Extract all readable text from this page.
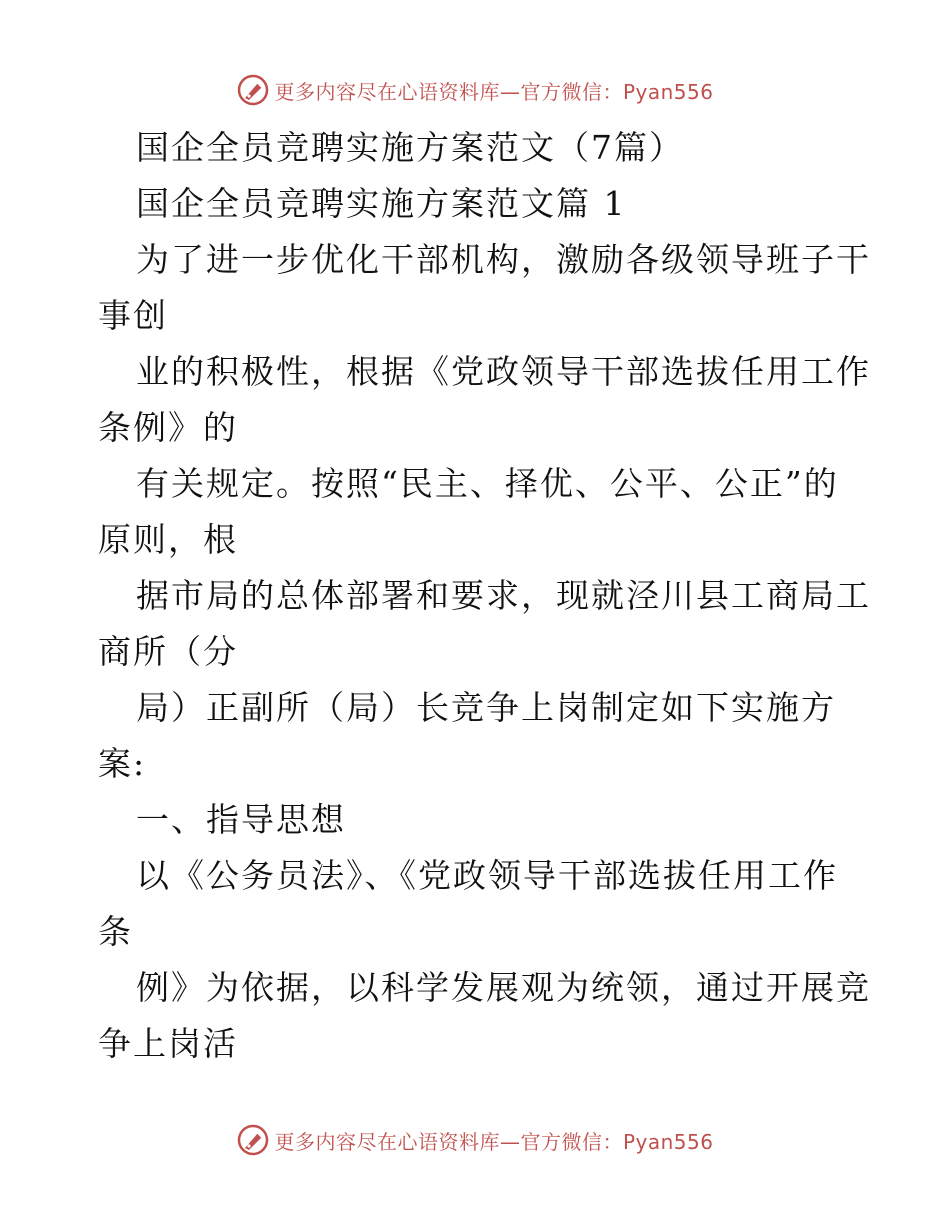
更多内容尽在心语资料库—官方微信：Pyan556
国企全员竞聘实施方案范文（7篇）
国企全员竞聘实施方案范文篇 1
为了进一步优化干部机构，激励各级领导班子干
事创
业的积极性，根据《党政领导干部选拔任用工作
条例》的
有关规定。按照“民主、择优、公平、公正”的
原则，根
据市局的总体部署和要求，现就泾川县工商局工
商所（分
局）正副所（局）长竞争上岗制定如下实施方
案:
一、指导思想
以《公务员法》、《党政领导干部选拔任用工作
条
例》为依据，以科学发展观为统领，通过开展竞
争上岗活
更多内容尽在心语资料库—官方微信：Pyan556
